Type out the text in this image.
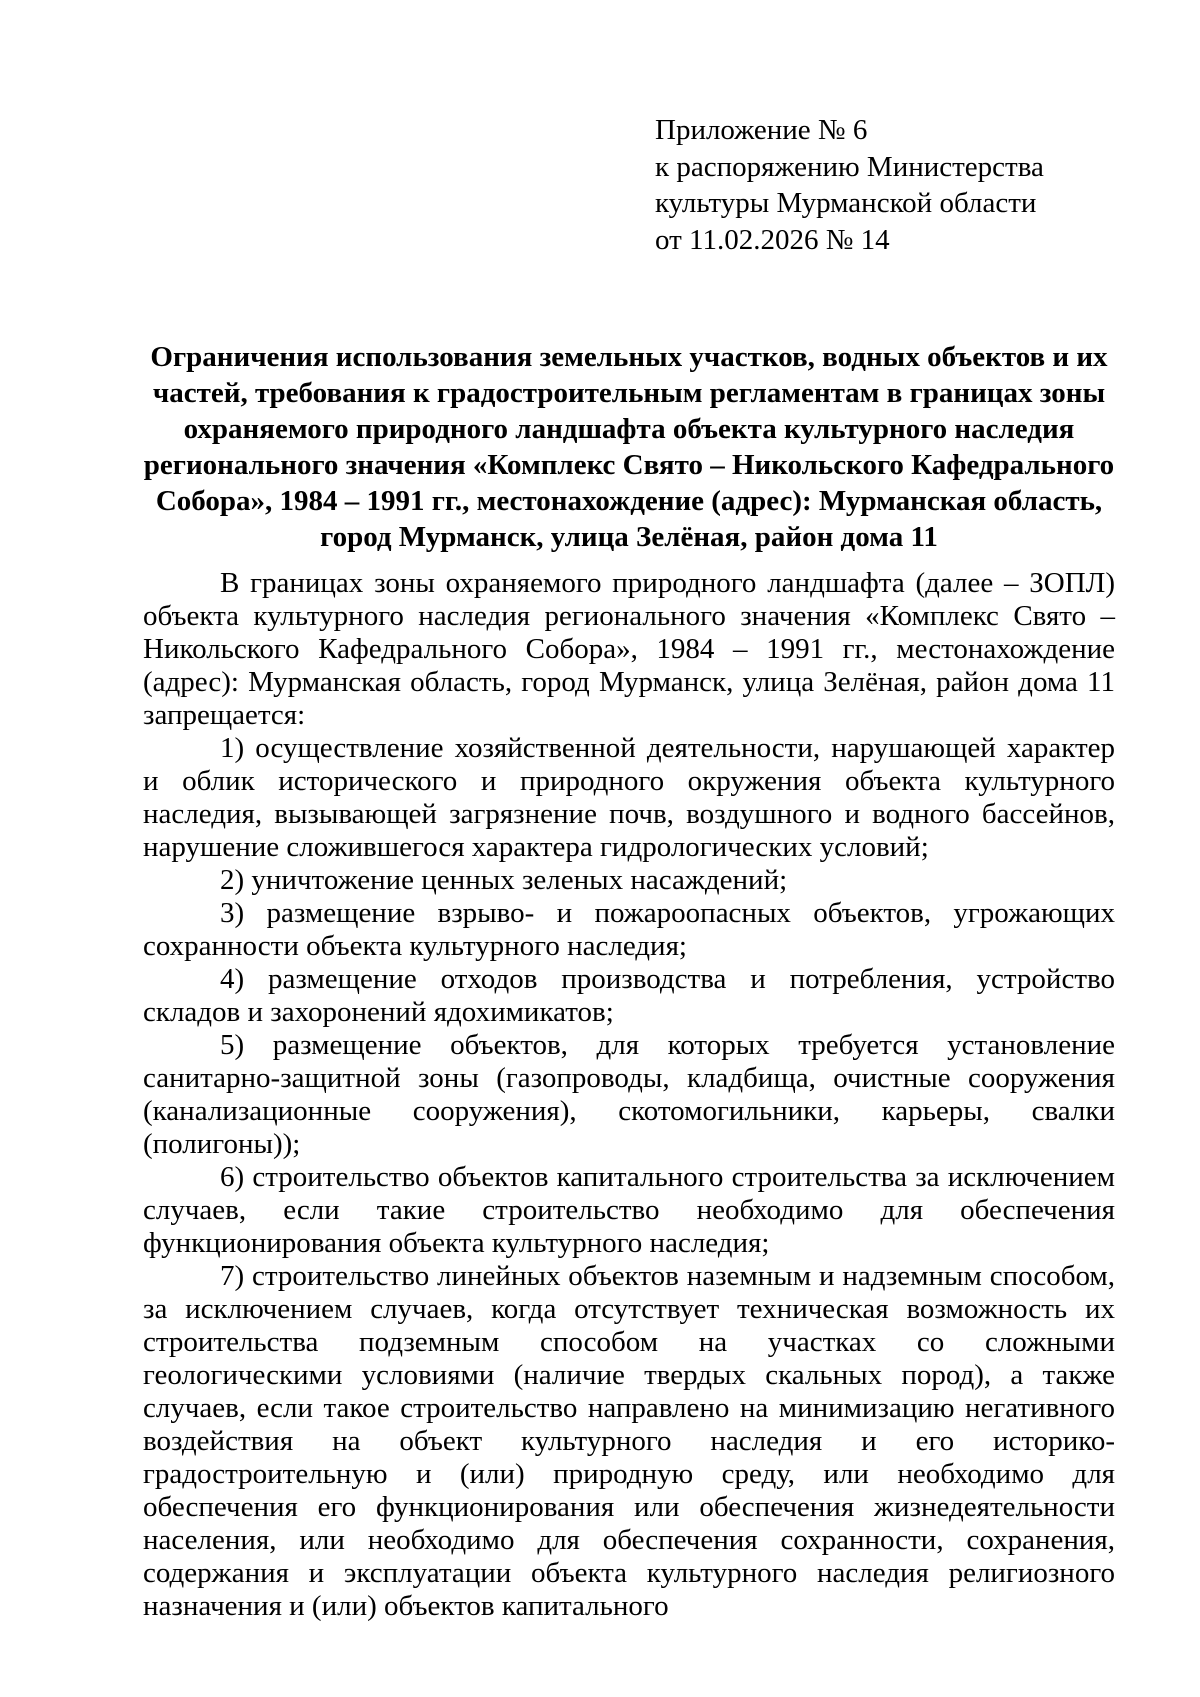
Приложение № 6
к распоряжению Министерства
культуры Мурманской области
от 11.02.2026 № 14
Ограничения использования земельных участков, водных объектов и их
частей, требования к градостроительным регламентам в границах зоны
охраняемого природного ландшафта объекта культурного наследия
регионального значения «Комплекс Свято – Никольского Кафедрального
Собора», 1984 – 1991 гг., местонахождение (адрес): Мурманская область,
город Мурманск, улица Зелёная, район дома 11

В границах зоны охраняемого природного ландшафта (далее – ЗОПЛ) объекта культурного наследия регионального значения «Комплекс Свято – Никольского Кафедрального Собора», 1984 – 1991 гг., местонахождение (адрес): Мурманская область, город Мурманск, улица Зелёная, район дома 11 запрещается:

1) осуществление хозяйственной деятельности, нарушающей характер и облик исторического и природного окружения объекта культурного наследия, вызывающей загрязнение почв, воздушного и водного бассейнов, нарушение сложившегося характера гидрологических условий;

2) уничтожение ценных зеленых насаждений;

3) размещение взрыво- и пожароопасных объектов, угрожающих сохранности объекта культурного наследия;

4) размещение отходов производства и потребления, устройство складов и захоронений ядохимикатов;

5) размещение объектов, для которых требуется установление санитарно-защитной зоны (газопроводы, кладбища, очистные сооружения (канализационные сооружения), скотомогильники, карьеры, свалки (полигоны));

6) строительство объектов капитального строительства за исключением случаев, если такие строительство необходимо для обеспечения функционирования объекта культурного наследия;

7) строительство линейных объектов наземным и надземным способом, за исключением случаев, когда отсутствует техническая возможность их строительства подземным способом на участках со сложными геологическими условиями (наличие твердых скальных пород), а также случаев, если такое строительство направлено на минимизацию негативного воздействия на объект культурного наследия и его историко-градостроительную и (или) природную среду, или необходимо для обеспечения его функционирования или обеспечения жизнедеятельности населения, или необходимо для обеспечения сохранности, сохранения, содержания и эксплуатации объекта культурного наследия религиозного назначения и (или) объектов капитального
